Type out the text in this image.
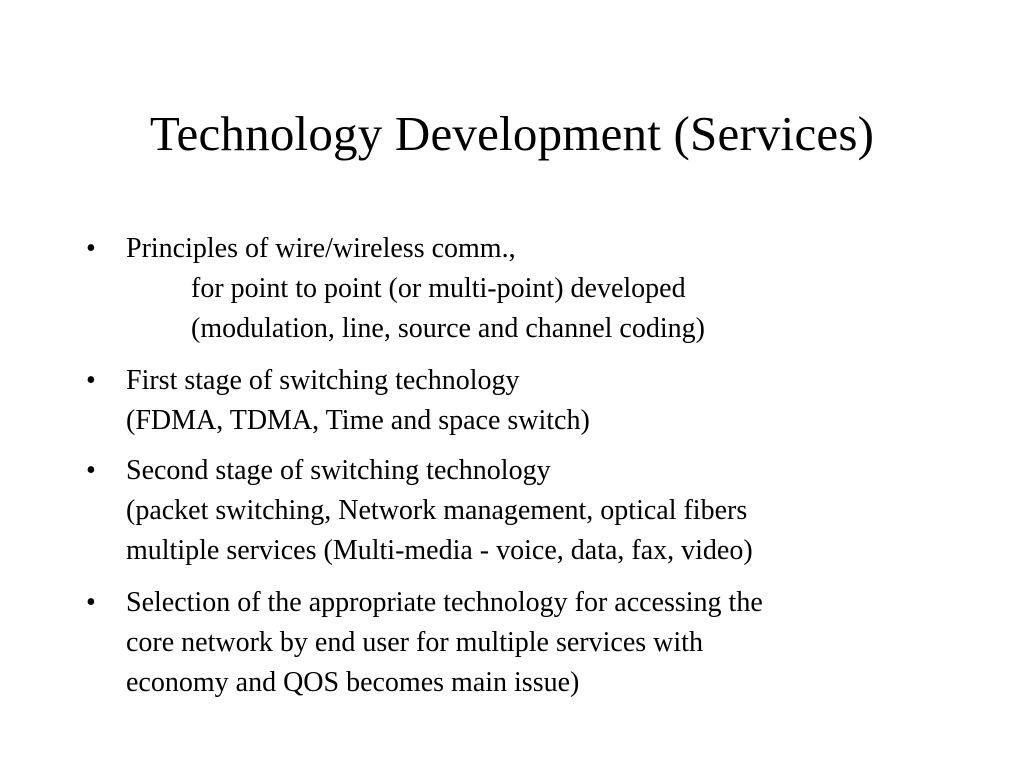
Technology Development (Services)
• Principles of wire/wireless comm.,
for point to point (or multi-point) developed
(modulation, line, source and channel coding)
• First stage of switching technology
(FDMA, TDMA, Time and space switch)
• Second stage of switching technology
(packet switching, Network management, optical fibers
multiple services (Multi-media - voice, data, fax, video)
• Selection of the appropriate technology for accessing the
core network by end user for multiple services with
economy and QOS becomes main issue)
